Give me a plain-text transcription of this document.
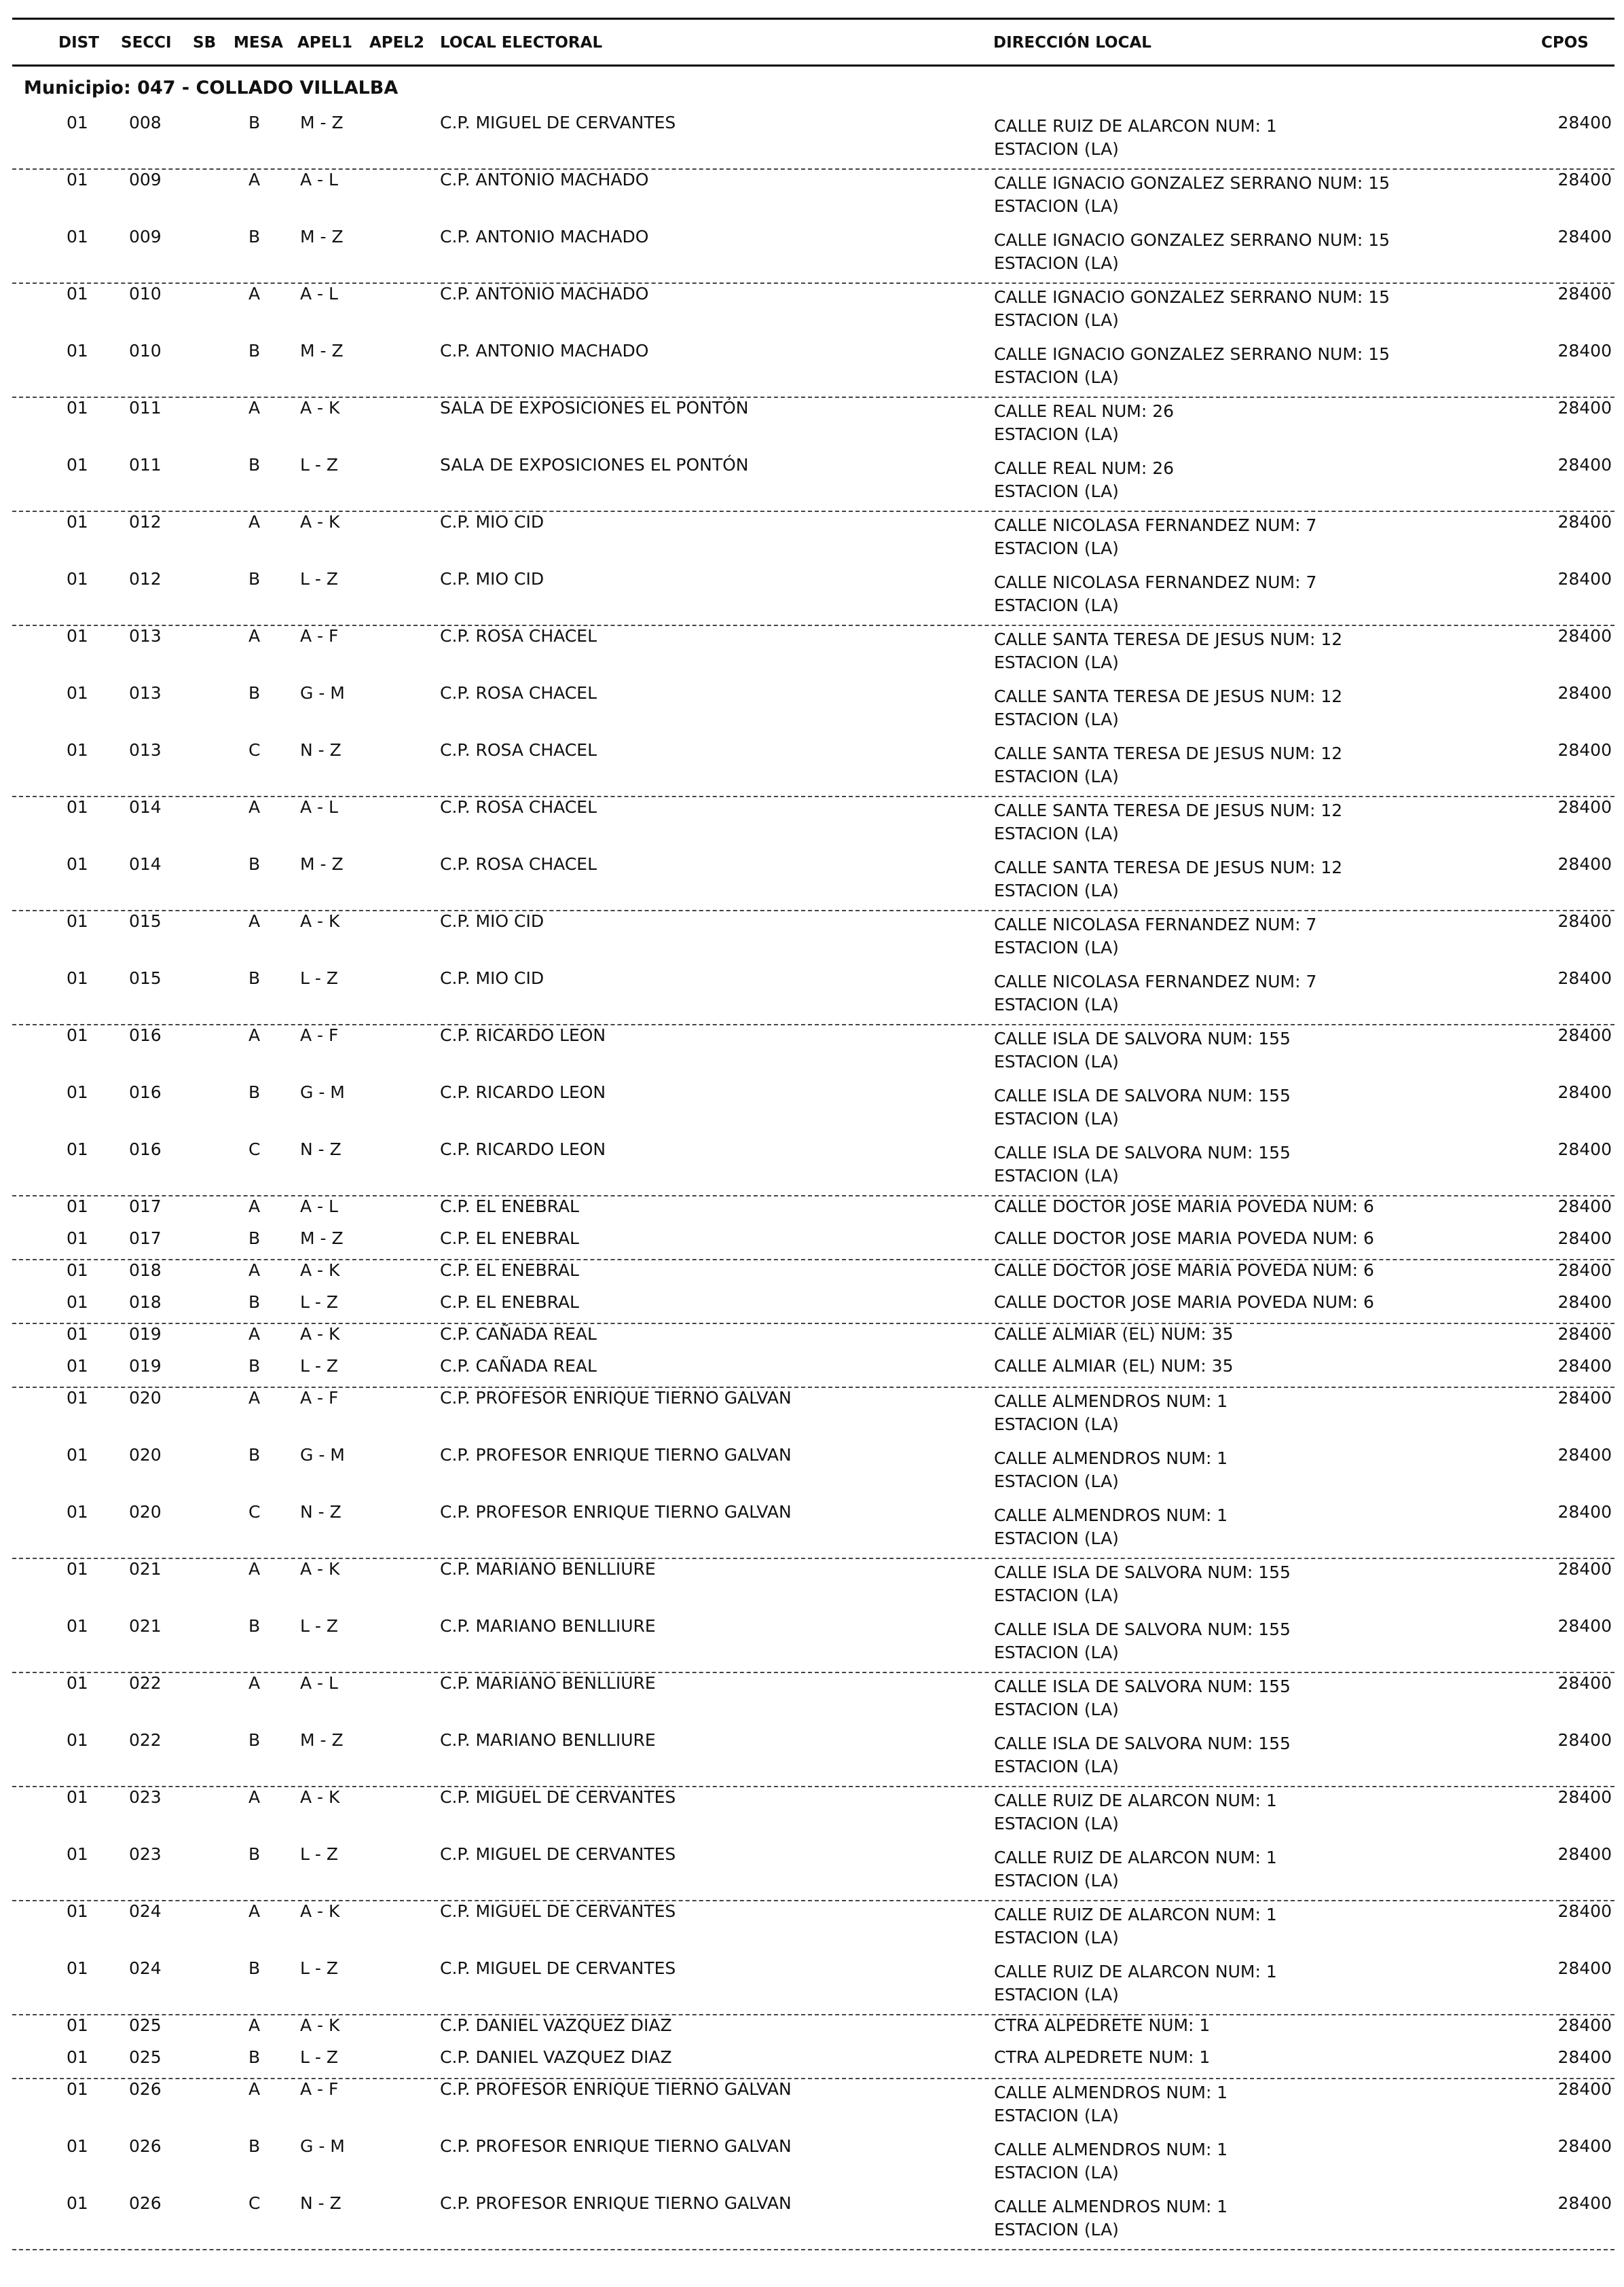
DIST SECCI SB MESA APEL1 APEL2 LOCAL ELECTORAL	DIRECCIÓN LOCAL	CPOS
Municipio: 047 - COLLADO VILLALBA
01 008	B M - Z	C.P. MIGUEL DE CERVANTES	CALLE RUIZ DE ALARCON NUM: 1
ESTACION (LA)
28400
01 009	A A - L	C.P. ANTONIO MACHADO	CALLE IGNACIO GONZALEZ SERRANO NUM: 15
ESTACION (LA)
28400
01 009	B M - Z	C.P. ANTONIO MACHADO	CALLE IGNACIO GONZALEZ SERRANO NUM: 15
ESTACION (LA)
28400
01 010	A A - L	C.P. ANTONIO MACHADO	CALLE IGNACIO GONZALEZ SERRANO NUM: 15
ESTACION (LA)
28400
01 010	B M - Z	C.P. ANTONIO MACHADO	CALLE IGNACIO GONZALEZ SERRANO NUM: 15
ESTACION (LA)
28400
01 011	A A - K	SALA DE EXPOSICIONES EL PONTÓN	CALLE REAL NUM: 26
ESTACION (LA)
28400
01 011	B L - Z	SALA DE EXPOSICIONES EL PONTÓN	CALLE REAL NUM: 26
ESTACION (LA)
28400
01 012	A A - K	C.P. MIO CID	CALLE NICOLASA FERNANDEZ NUM: 7
ESTACION (LA)
28400
01 012	B L - Z	C.P. MIO CID	CALLE NICOLASA FERNANDEZ NUM: 7
ESTACION (LA)
28400
01 013	A A - F	C.P. ROSA CHACEL	CALLE SANTA TERESA DE JESUS NUM: 12
ESTACION (LA)
28400
01 013	B G - M	C.P. ROSA CHACEL	CALLE SANTA TERESA DE JESUS NUM: 12
ESTACION (LA)
28400
01 013	C N - Z	C.P. ROSA CHACEL	CALLE SANTA TERESA DE JESUS NUM: 12
ESTACION (LA)
28400
01 014	A A - L	C.P. ROSA CHACEL	CALLE SANTA TERESA DE JESUS NUM: 12
ESTACION (LA)
28400
01 014	B M - Z	C.P. ROSA CHACEL	CALLE SANTA TERESA DE JESUS NUM: 12
ESTACION (LA)
28400
01 015	A A - K	C.P. MIO CID	CALLE NICOLASA FERNANDEZ NUM: 7
ESTACION (LA)
28400
01 015	B L - Z	C.P. MIO CID	CALLE NICOLASA FERNANDEZ NUM: 7
ESTACION (LA)
28400
01 016	A A - F	C.P. RICARDO LEON	CALLE ISLA DE SALVORA NUM: 155
ESTACION (LA)
28400
01 016	B G - M	C.P. RICARDO LEON	CALLE ISLA DE SALVORA NUM: 155
ESTACION (LA)
28400
01 016	C N - Z	C.P. RICARDO LEON	CALLE ISLA DE SALVORA NUM: 155
ESTACION (LA)
28400
01 017	A A - L	C.P. EL ENEBRAL	CALLE DOCTOR JOSE MARIA POVEDA NUM: 6	28400
01 017	B M - Z	C.P. EL ENEBRAL	CALLE DOCTOR JOSE MARIA POVEDA NUM: 6	28400
01 018	A A - K	C.P. EL ENEBRAL	CALLE DOCTOR JOSE MARIA POVEDA NUM: 6	28400
01 018	B L - Z	C.P. EL ENEBRAL	CALLE DOCTOR JOSE MARIA POVEDA NUM: 6	28400
01 019	A A - K	C.P. CAÑADA REAL	CALLE ALMIAR (EL) NUM: 35	28400
01 019	B L - Z	C.P. CAÑADA REAL	CALLE ALMIAR (EL) NUM: 35	28400
01 020	A A - F	C.P. PROFESOR ENRIQUE TIERNO GALVAN	CALLE ALMENDROS NUM: 1
ESTACION (LA)
28400
01 020	B G - M	C.P. PROFESOR ENRIQUE TIERNO GALVAN	CALLE ALMENDROS NUM: 1
ESTACION (LA)
28400
01 020	C N - Z	C.P. PROFESOR ENRIQUE TIERNO GALVAN	CALLE ALMENDROS NUM: 1
ESTACION (LA)
28400
01 021	A A - K	C.P. MARIANO BENLLIURE	CALLE ISLA DE SALVORA NUM: 155
ESTACION (LA)
28400
01 021	B L - Z	C.P. MARIANO BENLLIURE	CALLE ISLA DE SALVORA NUM: 155
ESTACION (LA)
28400
01 022	A A - L	C.P. MARIANO BENLLIURE	CALLE ISLA DE SALVORA NUM: 155
ESTACION (LA)
28400
01 022	B M - Z	C.P. MARIANO BENLLIURE	CALLE ISLA DE SALVORA NUM: 155
ESTACION (LA)
28400
01 023	A A - K	C.P. MIGUEL DE CERVANTES	CALLE RUIZ DE ALARCON NUM: 1
ESTACION (LA)
28400
01 023	B L - Z	C.P. MIGUEL DE CERVANTES	CALLE RUIZ DE ALARCON NUM: 1
ESTACION (LA)
28400
01 024	A A - K	C.P. MIGUEL DE CERVANTES	CALLE RUIZ DE ALARCON NUM: 1
ESTACION (LA)
28400
01 024	B L - Z	C.P. MIGUEL DE CERVANTES	CALLE RUIZ DE ALARCON NUM: 1
ESTACION (LA)
28400
01 025	A A - K	C.P. DANIEL VAZQUEZ DIAZ	CTRA ALPEDRETE NUM: 1	28400
01 025	B L - Z	C.P. DANIEL VAZQUEZ DIAZ	CTRA ALPEDRETE NUM: 1	28400
01 026	A A - F	C.P. PROFESOR ENRIQUE TIERNO GALVAN	CALLE ALMENDROS NUM: 1
ESTACION (LA)
28400
01 026	B G - M	C.P. PROFESOR ENRIQUE TIERNO GALVAN	CALLE ALMENDROS NUM: 1
ESTACION (LA)
28400
01 026	C N - Z	C.P. PROFESOR ENRIQUE TIERNO GALVAN	CALLE ALMENDROS NUM: 1
ESTACION (LA)
28400
